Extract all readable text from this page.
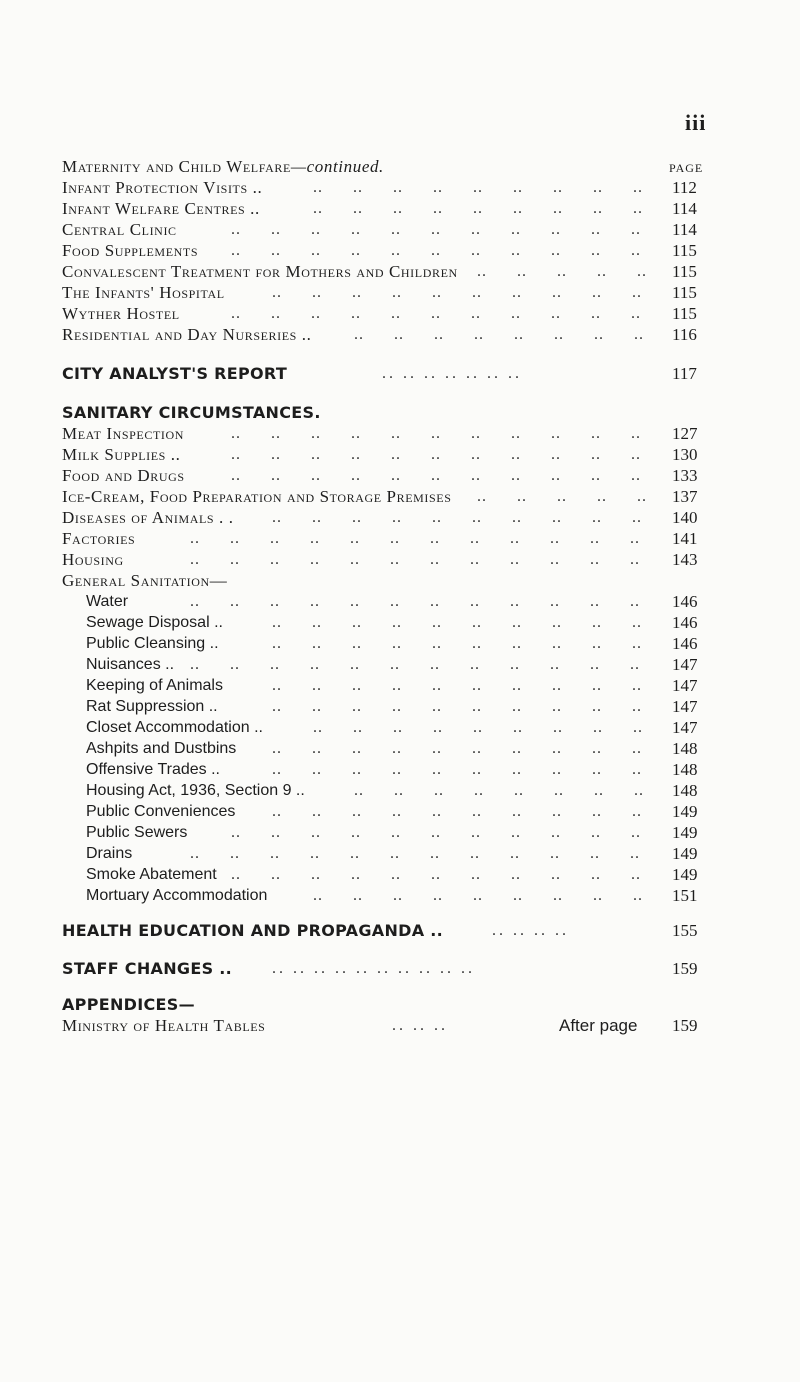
iii
Maternity and Child Welfare—continued.	page
Infant Protection Visits ..	.. .. .. .. .. .. .. .. .. 112
Infant Welfare Centres ..	.. .. .. .. .. .. .. .. .. 114
Central Clinic	.. .. .. .. .. .. .. .. .. .. .. 114
Food Supplements .. .. .. .. .. .. .. .. .. .. .. 115
Convalescent Treatment for Mothers and Children .. .. .. .. .. 115
The Infants' Hospital	.. .. .. .. .. .. .. .. .. .. 115
Wyther Hostel	.. .. .. .. .. .. .. .. .. .. .. 115
Residential and Day Nurseries ..	.. .. .. .. .. .. .. .. 116
CITY ANALYST'S REPORT	.. .. .. .. .. .. ..	117
SANITARY CIRCUMSTANCES.
Meat Inspection	.. .. .. .. .. .. .. .. .. .. .. 127
Milk Supplies ..	.. .. .. .. .. .. .. .. .. .. .. 130
Food and Drugs	.. .. .. .. .. .. .. .. .. .. .. 133
Ice-Cream, Food Preparation and Storage Premises .. .. .. .. .. 137
Diseases of Animals . . .. .. .. .. .. .. .. .. .. .. 140
Factories	.. .. .. .. .. .. .. .. .. .. .. .. 141
Housing	.. .. .. .. .. .. .. .. .. .. .. .. 143
General Sanitation—
Water	.. .. .. .. .. .. .. .. .. .. .. .. 146
Sewage Disposal ..	.. .. .. .. .. .. .. .. .. .. 146
Public Cleansing ..	.. .. .. .. .. .. .. .. .. .. 146
Nuisances .. .. .. .. .. .. .. .. .. .. .. .. .. 147
Keeping of Animals	.. .. .. .. .. .. .. .. .. .. 147
Rat Suppression ..	.. .. .. .. .. .. .. .. .. .. 147
Closet Accommodation ..	.. .. .. .. .. .. .. .. .. 147
Ashpits and Dustbins .. .. .. .. .. .. .. .. .. .. 148
Offensive Trades ..	.. .. .. .. .. .. .. .. .. .. 148
Housing Act, 1936, Section 9 ..	.. .. .. .. .. .. .. .. 148
Public Conveniences .. .. .. .. .. .. .. .. .. .. 149
Public Sewers	.. .. .. .. .. .. .. .. .. .. .. 149
Drains	.. .. .. .. .. .. .. .. .. .. .. .. 149
Smoke Abatement .. .. .. .. .. .. .. .. .. .. .. 149
Mortuary Accommodation	.. .. .. .. .. .. .. .. .. 151
HEALTH EDUCATION AND PROPAGANDA ..	.. .. .. ..	155
STAFF CHANGES .. .. .. .. .. .. .. .. .. .. ..	159
APPENDICES—
Ministry of Health Tables	.. .. ..	After page 159
